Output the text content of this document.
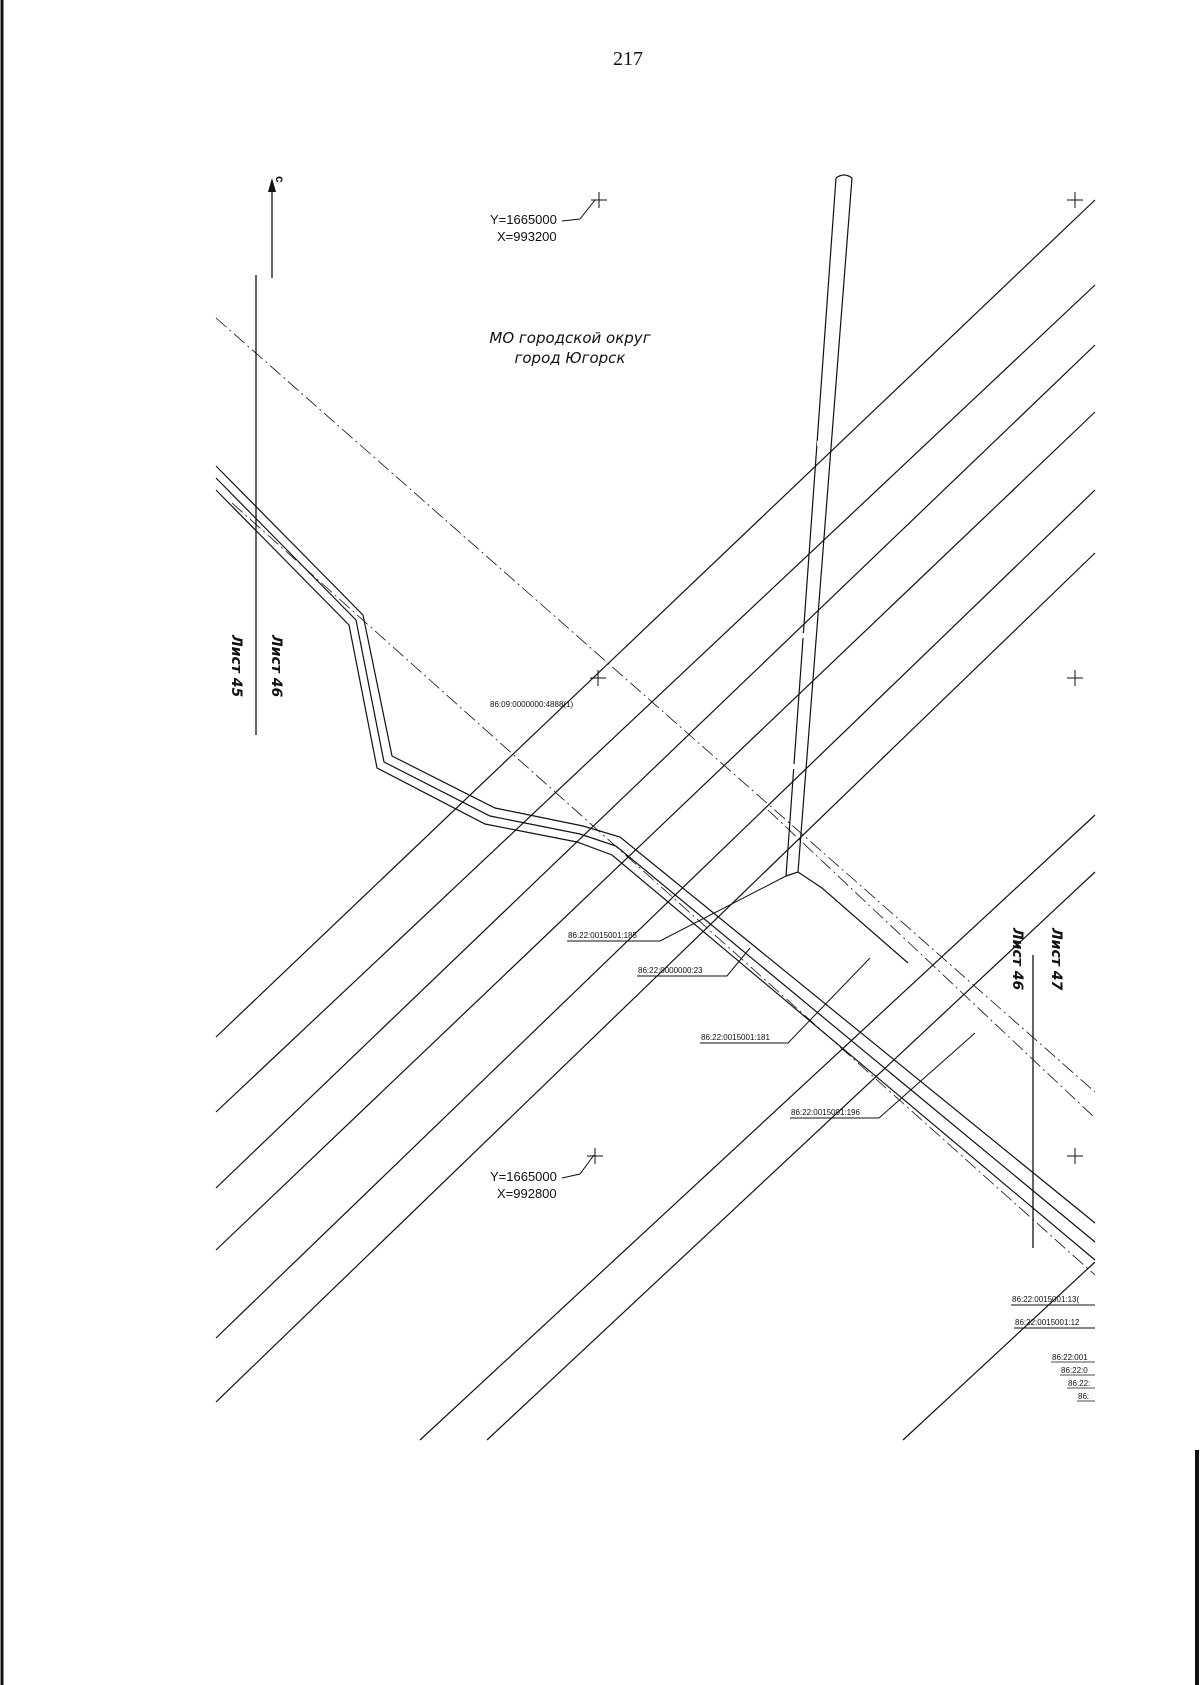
217
с
Лист 45 Лист 46
Лист 47
Лист 46
Y=1665000
X=993200
Y=1665000
X=992800
МО городской округ
город Югорск
86:09:0000000:4888(1)
86:22:0015001:185
86:22:0000000:23
86:22:0015001:181
86:22:0015001:196
86:22:0015001:13(
86:22:0015001:12
86:22:001
86:22:0
86:22:
86:
